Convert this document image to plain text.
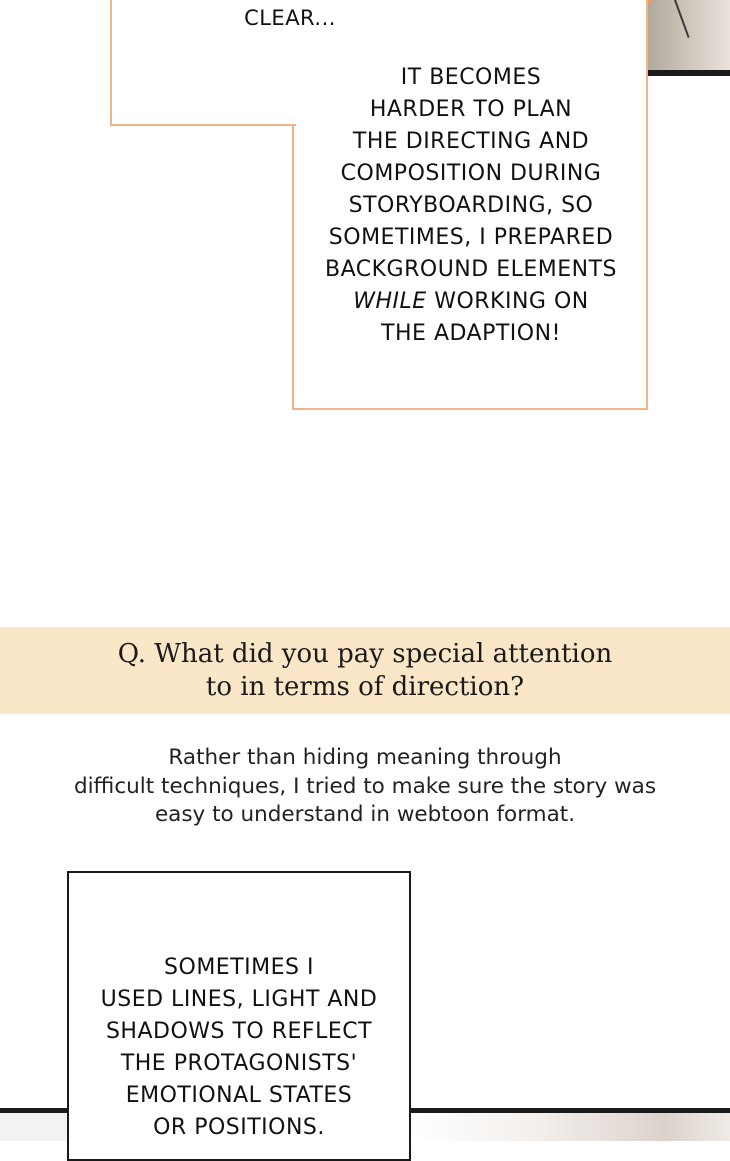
CLEAR...
IT BECOMES
HARDER TO PLAN
THE DIRECTING AND
COMPOSITION DURING
STORYBOARDING, SO
SOMETIMES, I PREPARED
BACKGROUND ELEMENTS
WHILE WORKING ON
THE ADAPTION!
Q. What did you pay special attention
to in terms of direction?
Rather than hiding meaning through
difficult techniques, I tried to make sure the story was
easy to understand in webtoon format.
SOMETIMES I
USED LINES, LIGHT AND
SHADOWS TO REFLECT
THE PROTAGONISTS'
EMOTIONAL STATES
OR POSITIONS.
